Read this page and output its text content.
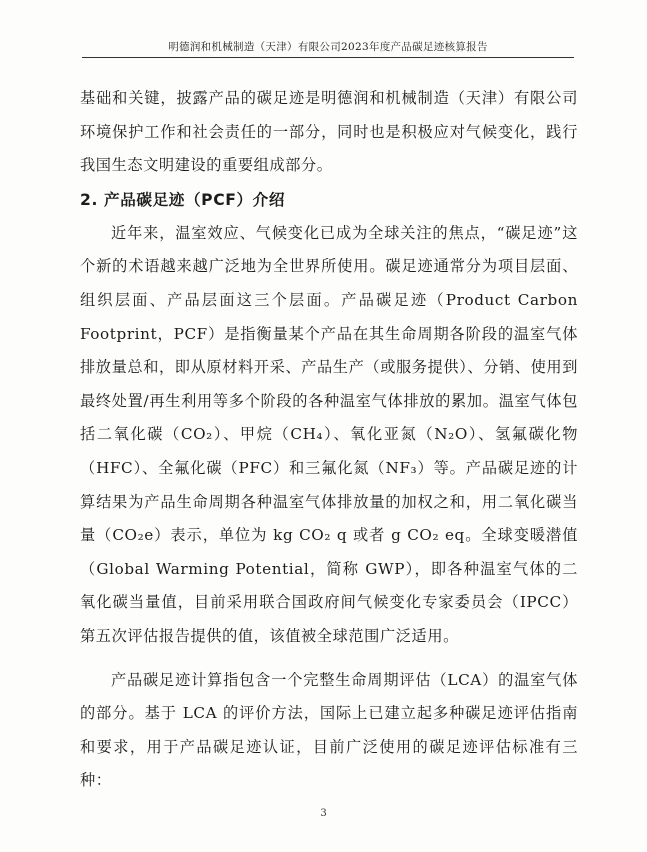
明德润和机械制造（天津）有限公司2023年度产品碳足迹核算报告

基础和关键，披露产品的碳足迹是明德润和机械制造（天津）有限公司环境保护工作和社会责任的一部分，同时也是积极应对气候变化，践行我国生态文明建设的重要组成部分。

2. 产品碳足迹（PCF）介绍

近年来，温室效应、气候变化已成为全球关注的焦点，“碳足迹”这个新的术语越来越广泛地为全世界所使用。碳足迹通常分为项目层面、组织层面、产品层面这三个层面。产品碳足迹（Product Carbon Footprint，PCF）是指衡量某个产品在其生命周期各阶段的温室气体排放量总和，即从原材料开采、产品生产（或服务提供）、分销、使用到最终处置/再生利用等多个阶段的各种温室气体排放的累加。温室气体包括二氧化碳（CO₂）、甲烷（CH₄）、氧化亚氮（N₂O）、氢氟碳化物（HFC）、全氟化碳（PFC）和三氟化氮（NF₃）等。产品碳足迹的计算结果为产品生命周期各种温室气体排放量的加权之和，用二氧化碳当量（CO₂e）表示，单位为 kg CO₂ q 或者 g CO₂ eq。全球变暖潜值（Global Warming Potential，简称 GWP），即各种温室气体的二氧化碳当量值，目前采用联合国政府间气候变化专家委员会（IPCC） 第五次评估报告提供的值，该值被全球范围广泛适用。

产品碳足迹计算指包含一个完整生命周期评估（LCA）的温室气体的部分。基于 LCA 的评价方法，国际上已建立起多种碳足迹评估指南和要求，用于产品碳足迹认证，目前广泛使用的碳足迹评估标准有三种：

3
